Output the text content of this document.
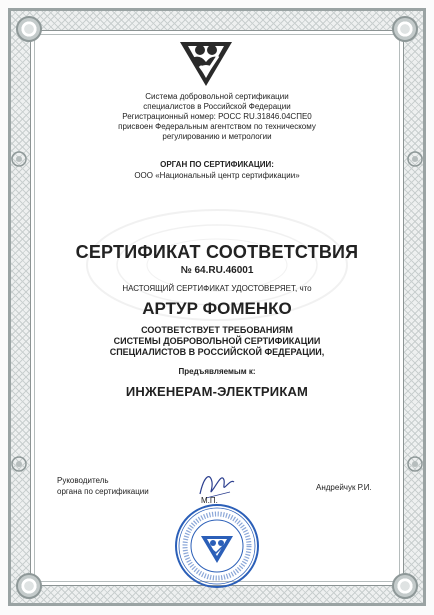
Система добровольной сертификации
специалистов в Российской Федерации
Регистрационный номер: РОСС RU.31846.04СПЕ0
присвоен Федеральным агентством по техническому
регулированию и метрологии
ОРГАН ПО СЕРТИФИКАЦИИ:
ООО «Национальный центр сертификации»
СЕРТИФИКАТ СООТВЕТСТВИЯ
№ 64.RU.46001
НАСТОЯЩИЙ СЕРТИФИКАТ УДОСТОВЕРЯЕТ, что
АРТУР ФОМЕНКО
СООТВЕТСТВУЕТ ТРЕБОВАНИЯМ
СИСТЕМЫ ДОБРОВОЛЬНОЙ СЕРТИФИКАЦИИ
СПЕЦИАЛИСТОВ В РОССИЙСКОЙ ФЕДЕРАЦИИ,
Предъявляемым к:
ИНЖЕНЕРАМ-ЭЛЕКТРИКАМ
Руководитель
органа по сертификации
М.П.
Андрейчук Р.И.
